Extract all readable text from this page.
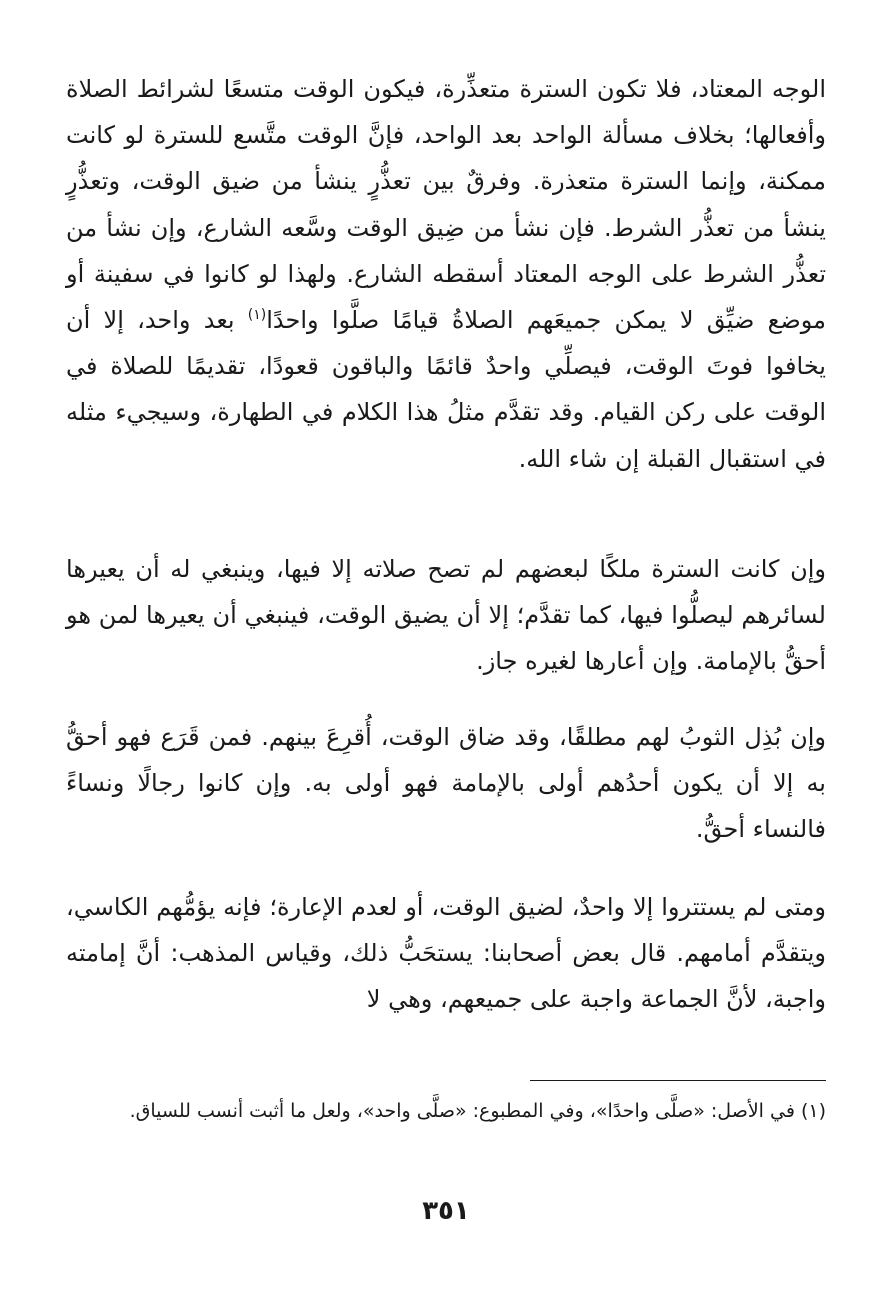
الوجه المعتاد، فلا تكون السترة متعذِّرة، فيكون الوقت متسعًا لشرائط الصلاة وأفعالها؛ بخلاف مسألة الواحد بعد الواحد، فإنَّ الوقت متَّسع للسترة لو كانت ممكنة، وإنما السترة متعذرة. وفرقٌ بين تعذُّرٍ ينشأ من ضيق الوقت، وتعذُّرٍ ينشأ من تعذُّر الشرط. فإن نشأ من ضِيق الوقت وسَّعه الشارع، وإن نشأ من تعذُّر الشرط على الوجه المعتاد أسقطه الشارع. ولهذا لو كانوا في سفينة أو موضع ضيِّق لا يمكن جميعَهم الصلاةُ قيامًا صلَّوا واحدًا$^{(١)}$ بعد واحد، إلا أن يخافوا فوتَ الوقت، فيصلِّي واحدٌ قائمًا والباقون قعودًا، تقديمًا للصلاة في الوقت على ركن القيام. وقد تقدَّم مثلُ هذا الكلام في الطهارة، وسيجيء مثله في استقبال القبلة إن شاء الله.

وإن كانت السترة ملكًا لبعضهم لم تصح صلاته إلا فيها، وينبغي له أن يعيرها لسائرهم ليصلُّوا فيها، كما تقدَّم؛ إلا أن يضيق الوقت، فينبغي أن يعيرها لمن هو أحقُّ بالإمامة. وإن أعارها لغيره جاز.

وإن بُذِل الثوبُ لهم مطلقًا، وقد ضاق الوقت، أُقرِعَ بينهم. فمن قَرَع فهو أحقُّ به إلا أن يكون أحدُهم أولى بالإمامة فهو أولى به. وإن كانوا رجالًا ونساءً فالنساء أحقُّ.

ومتى لم يستتروا إلا واحدٌ، لضيق الوقت، أو لعدم الإعارة؛ فإنه يؤمُّهم الكاسي، ويتقدَّم أمامهم. قال بعض أصحابنا: يستحَبُّ ذلك، وقياس المذهب: أنَّ إمامته واجبة، لأنَّ الجماعة واجبة على جميعهم، وهي لا

(١) في الأصل: «صلَّى واحدًا»، وفي المطبوع: «صلَّى واحد»، ولعل ما أثبت أنسب للسياق.

٣٥١
